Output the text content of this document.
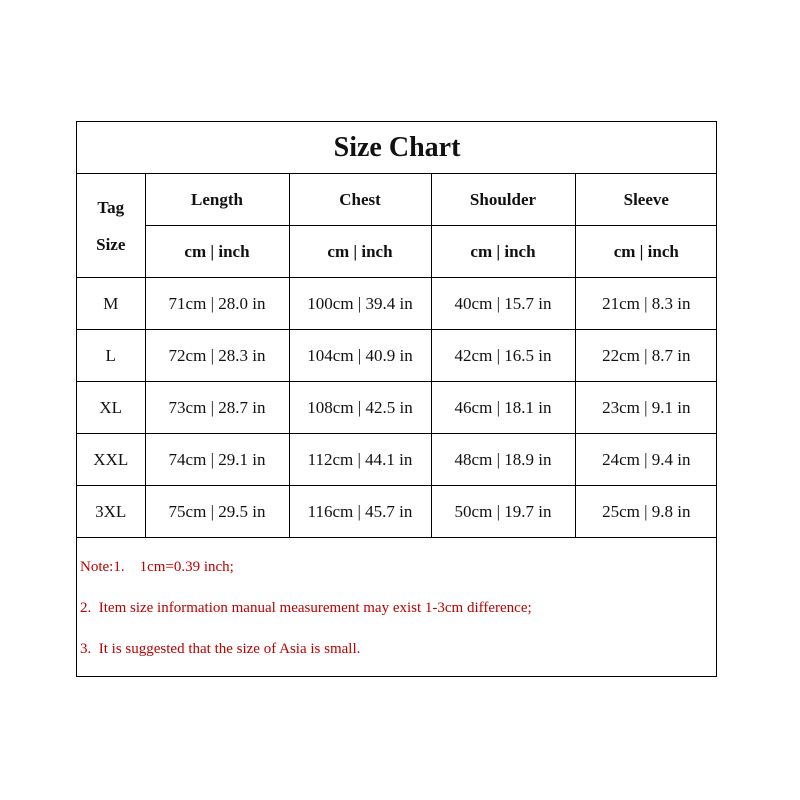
Size Chart				
Tag
Size	Length	Chest	Shoulder	Sleeve
	cm | inch	cm | inch	cm | inch	cm | inch
M	71cm | 28.0 in	100cm | 39.4 in	40cm | 15.7 in	21cm | 8.3 in
L	72cm | 28.3 in	104cm | 40.9 in	42cm | 16.5 in	22cm | 8.7 in
XL	73cm | 28.7 in	108cm | 42.5 in	46cm | 18.1 in	23cm | 9.1 in
XXL	74cm | 29.1 in	112cm | 44.1 in	48cm | 18.9 in	24cm | 9.4 in
3XL	75cm | 29.5 in	116cm | 45.7 in	50cm | 19.7 in	25cm | 9.8 in
Note:1.    1cm=0.39 inch;
2.  Item size information manual measurement may exist 1-3cm difference;
3.  It is suggested that the size of Asia is small.
